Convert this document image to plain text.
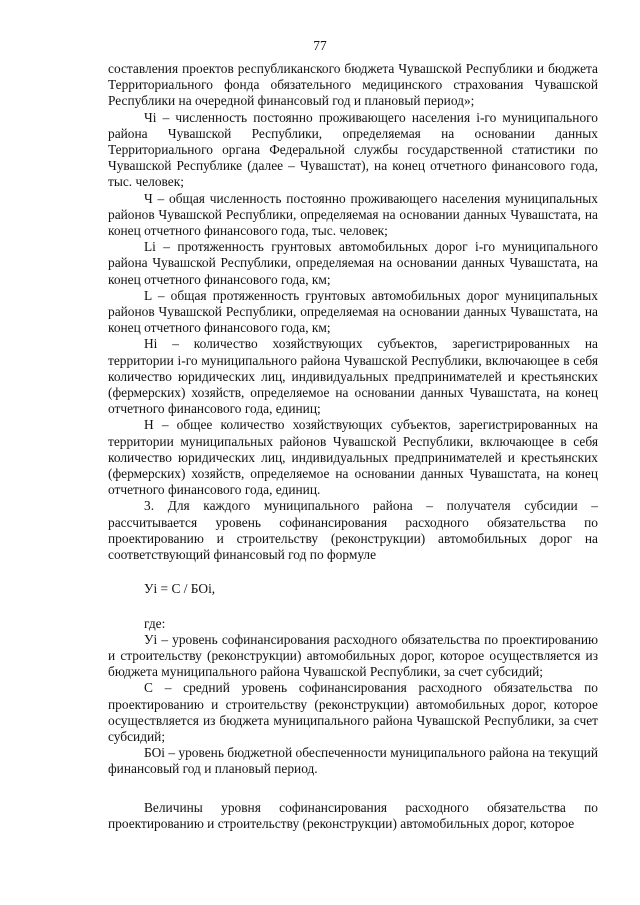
77

составления проектов республиканского бюджета Чувашской Республики и бюджета Территориального фонда обязательного медицинского страхования Чувашской Республики на очередной финансовый год и плановый период»;

Чi – численность постоянно проживающего населения i-го муниципального района Чувашской Республики, определяемая на основании данных Территориального органа Федеральной службы государственной статистики по Чувашской Республике (далее – Чувашстат), на конец отчетного финансового года, тыс. человек;

Ч – общая численность постоянно проживающего населения муниципальных районов Чувашской Республики, определяемая на основании данных Чувашстата, на конец отчетного финансового года, тыс. человек;

Li – протяженность грунтовых автомобильных дорог i-го муниципального района Чувашской Республики, определяемая на основании данных Чувашстата, на конец отчетного финансового года, км;

L – общая протяженность грунтовых автомобильных дорог муниципальных районов Чувашской Республики, определяемая на основании данных Чувашстата, на конец отчетного финансового года, км;

Hi – количество хозяйствующих субъектов, зарегистрированных на территории i-го муниципального района Чувашской Республики, включающее в себя количество юридических лиц, индивидуальных предпринимателей и крестьянских (фермерских) хозяйств, определяемое на основании данных Чувашстата, на конец отчетного финансового года, единиц;

Н – общее количество хозяйствующих субъектов, зарегистрированных на территории муниципальных районов Чувашской Республики, включающее в себя количество юридических лиц, индивидуальных предпринимателей и крестьянских (фермерских) хозяйств, определяемое на основании данных Чувашстата, на конец отчетного финансового года, единиц.

3. Для каждого муниципального района – получателя субсидии – рассчитывается уровень софинансирования расходного обязательства по проектированию и строительству (реконструкции) автомобильных дорог на соответствующий финансовый год по формуле

Уi = С / БОi,
где:

Уi – уровень софинансирования расходного обязательства по проектированию и строительству (реконструкции) автомобильных дорог, которое осуществляется из бюджета муниципального района Чувашской Республики, за счет субсидий;

С – средний уровень софинансирования расходного обязательства по проектированию и строительству (реконструкции) автомобильных дорог, которое осуществляется из бюджета муниципального района Чувашской Республики, за счет субсидий;

БОi – уровень бюджетной обеспеченности муниципального района на текущий финансовый год и плановый период.

Величины уровня софинансирования расходного обязательства по проектированию и строительству (реконструкции) автомобильных дорог, которое
